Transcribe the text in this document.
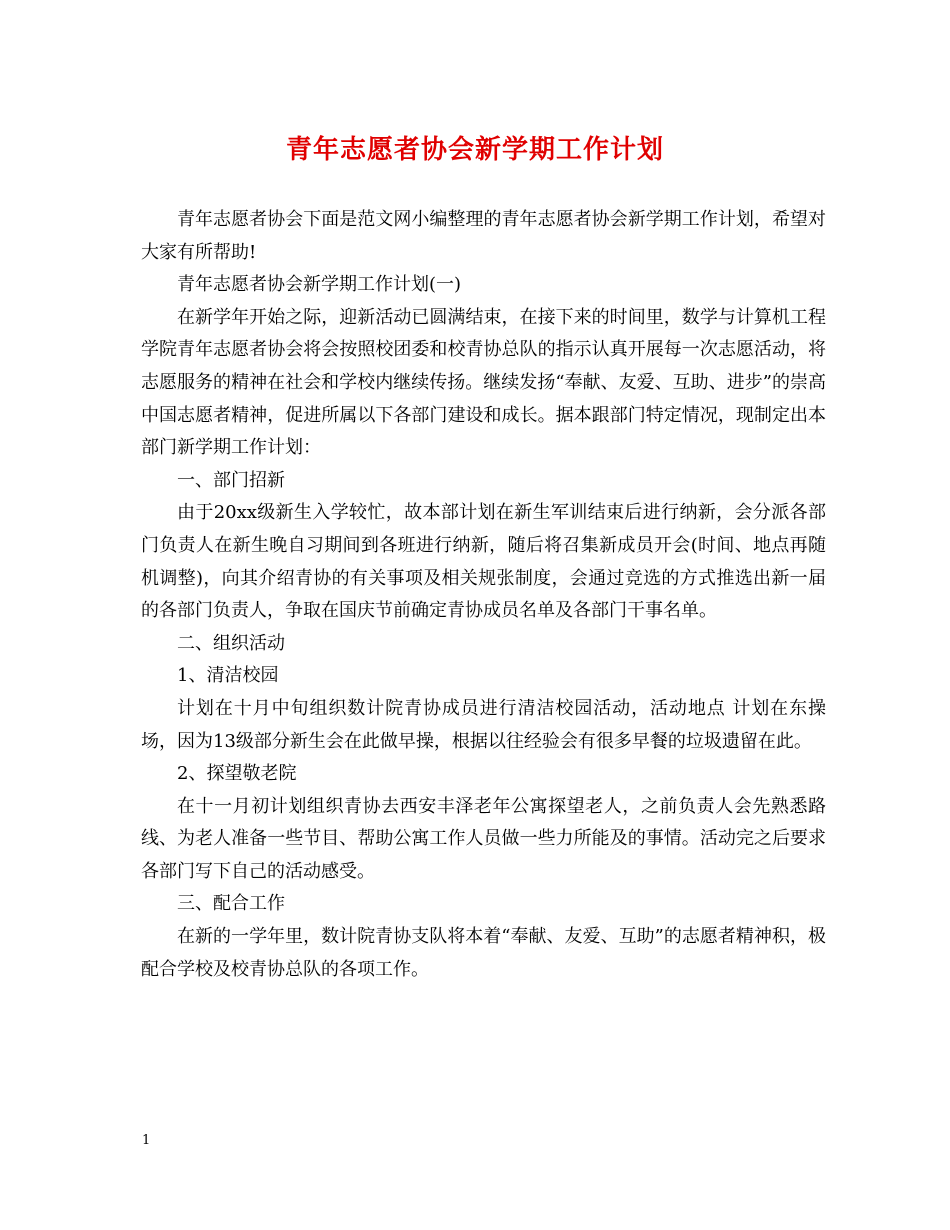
青年志愿者协会新学期工作计划

青年志愿者协会下面是范文网小编整理的青年志愿者协会新学期工作计划，希望对大家有所帮助!

青年志愿者协会新学期工作计划(一)

在新学年开始之际，迎新活动已圆满结束，在接下来的时间里，数学与计算机工程学院青年志愿者协会将会按照校团委和校青协总队的指示认真开展每一次志愿活动，将志愿服务的精神在社会和学校内继续传扬。继续发扬“奉献、友爱、互助、进步”的崇高中国志愿者精神，促进所属以下各部门建设和成长。据本跟部门特定情况，现制定出本部门新学期工作计划：

一、部门招新

由于20xx级新生入学较忙，故本部计划在新生军训结束后进行纳新，会分派各部门负责人在新生晚自习期间到各班进行纳新，随后将召集新成员开会(时间、地点再随机调整)，向其介绍青协的有关事项及相关规张制度，会通过竞选的方式推选出新一届的各部门负责人，争取在国庆节前确定青协成员名单及各部门干事名单。

二、组织活动

1、清洁校园

计划在十月中旬组织数计院青协成员进行清洁校园活动，活动地点 计划在东操场，因为13级部分新生会在此做早操，根据以往经验会有很多早餐的垃圾遗留在此。

2、探望敬老院

在十一月初计划组织青协去西安丰泽老年公寓探望老人，之前负责人会先熟悉路线、为老人准备一些节目、帮助公寓工作人员做一些力所能及的事情。活动完之后要求各部门写下自己的活动感受。

三、配合工作

在新的一学年里，数计院青协支队将本着“奉献、友爱、互助”的志愿者精神积，极配合学校及校青协总队的各项工作。

1
